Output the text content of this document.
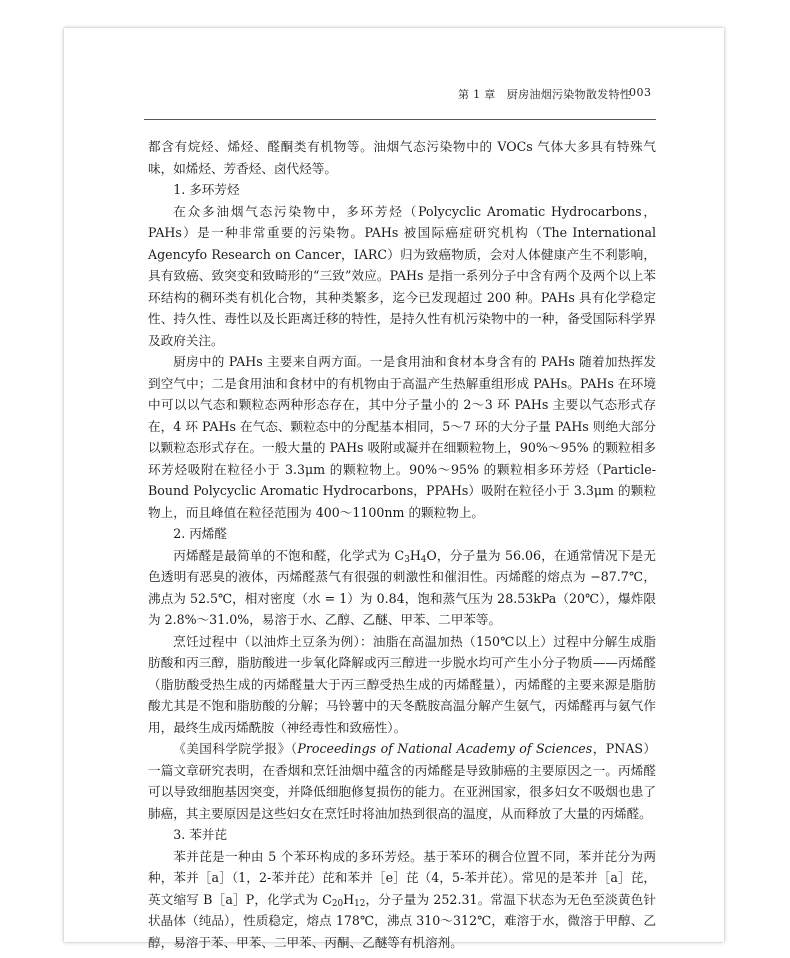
第 1 章　厨房油烟污染物散发特性
003

都含有烷烃、烯烃、醛酮类有机物等。油烟气态污染物中的 VOCs 气体大多具有特殊气味，如烯烃、芳香烃、卤代烃等。

1. 多环芳烃

在众多油烟气态污染物中，多环芳烃（Polycyclic Aromatic Hydrocarbons，PAHs）是一种非常重要的污染物。PAHs 被国际癌症研究机构（The International Agencyfo Research on Cancer，IARC）归为致癌物质，会对人体健康产生不利影响，具有致癌、致突变和致畸形的“三致”效应。PAHs 是指一系列分子中含有两个及两个以上苯环结构的稠环类有机化合物，其种类繁多，迄今已发现超过 200 种。PAHs 具有化学稳定性、持久性、毒性以及长距离迁移的特性，是持久性有机污染物中的一种，备受国际科学界及政府关注。

厨房中的 PAHs 主要来自两方面。一是食用油和食材本身含有的 PAHs 随着加热挥发到空气中；二是食用油和食材中的有机物由于高温产生热解重组形成 PAHs。PAHs 在环境中可以以气态和颗粒态两种形态存在，其中分子量小的 2～3 环 PAHs 主要以气态形式存在，4 环 PAHs 在气态、颗粒态中的分配基本相同，5～7 环的大分子量 PAHs 则绝大部分以颗粒态形式存在。一般大量的 PAHs 吸附或凝并在细颗粒物上，90%～95% 的颗粒相多环芳烃吸附在粒径小于 3.3μm 的颗粒物上。90%～95% 的颗粒相多环芳烃（Particle-Bound Polycyclic Aromatic Hydrocarbons，PPAHs）吸附在粒径小于 3.3μm 的颗粒物上，而且峰值在粒径范围为 400～1100nm 的颗粒物上。

2. 丙烯醛

丙烯醛是最简单的不饱和醛，化学式为 $C_3H_4O$，分子量为 56.06，在通常情况下是无色透明有恶臭的液体，丙烯醛蒸气有很强的刺激性和催泪性。丙烯醛的熔点为 −87.7℃，沸点为 52.5℃，相对密度（水 = 1）为 0.84，饱和蒸气压为 28.53kPa（20℃），爆炸限为 2.8%～31.0%，易溶于水、乙醇、乙醚、甲苯、二甲苯等。

烹饪过程中（以油炸土豆条为例）：油脂在高温加热（150℃以上）过程中分解生成脂肪酸和丙三醇，脂肪酸进一步氧化降解或丙三醇进一步脱水均可产生小分子物质——丙烯醛（脂肪酸受热生成的丙烯醛量大于丙三醇受热生成的丙烯醛量），丙烯醛的主要来源是脂肪酸尤其是不饱和脂肪酸的分解；马铃薯中的天冬酰胺高温分解产生氨气，丙烯醛再与氨气作用，最终生成丙烯酰胺（神经毒性和致癌性）。

《美国科学院学报》（Proceedings of National Academy of Sciences，PNAS）一篇文章研究表明，在香烟和烹饪油烟中蕴含的丙烯醛是导致肺癌的主要原因之一。丙烯醛可以导致细胞基因突变，并降低细胞修复损伤的能力。在亚洲国家，很多妇女不吸烟也患了肺癌，其主要原因是这些妇女在烹饪时将油加热到很高的温度，从而释放了大量的丙烯醛。

3. 苯并芘

苯并芘是一种由 5 个苯环构成的多环芳烃。基于苯环的稠合位置不同，苯并芘分为两种，苯并［a］（1，2-苯并芘）芘和苯并［e］芘（4，5-苯并芘）。常见的是苯并［a］芘，英文缩写 B［a］P，化学式为 $C_{20}H_{12}$，分子量为 252.31。常温下状态为无色至淡黄色针状晶体（纯品），性质稳定，熔点 178℃，沸点 310～312℃，难溶于水，微溶于甲醇、乙醇，易溶于苯、甲苯、二甲苯、丙酮、乙醚等有机溶剂。
